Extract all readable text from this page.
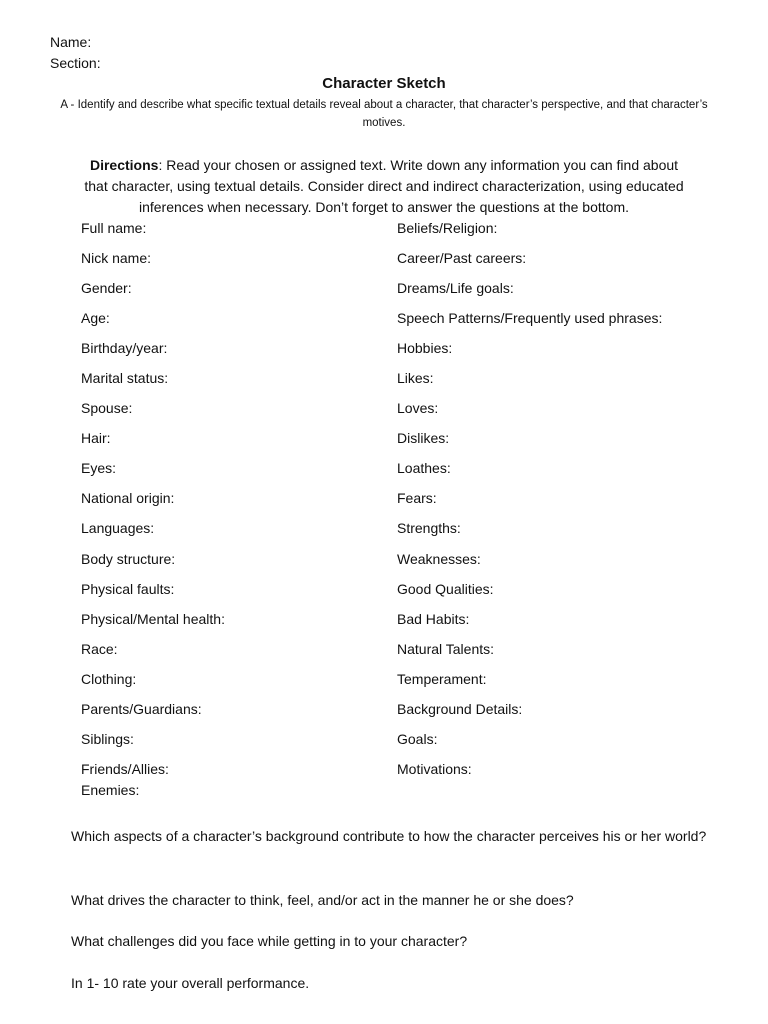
Name:
Section:
Character Sketch
A - Identify and describe what specific textual details reveal about a character, that character’s perspective, and that character’s motives.
Directions: Read your chosen or assigned text. Write down any information you can find about that character, using textual details. Consider direct and indirect characterization, using educated inferences when necessary. Don’t forget to answer the questions at the bottom.
Full name:
Nick name:
Gender:
Age:
Birthday/year:
Marital status:
Spouse:
Hair:
Eyes:
National origin:
Languages:
Body structure:
Physical faults:
Physical/Mental health:
Race:
Clothing:
Parents/Guardians:
Siblings:
Friends/Allies:
Enemies:
Beliefs/Religion:
Career/Past careers:
Dreams/Life goals:
Speech Patterns/Frequently used phrases:
Hobbies:
Likes:
Loves:
Dislikes:
Loathes:
Fears:
Strengths:
Weaknesses:
Good Qualities:
Bad Habits:
Natural Talents:
Temperament:
Background Details:
Goals:
Motivations:
Which aspects of a character’s background contribute to how the character perceives his or her world?
What drives the character to think, feel, and/or act in the manner he or she does?
What challenges did you face while getting in to your character?
In 1- 10 rate your overall performance.
